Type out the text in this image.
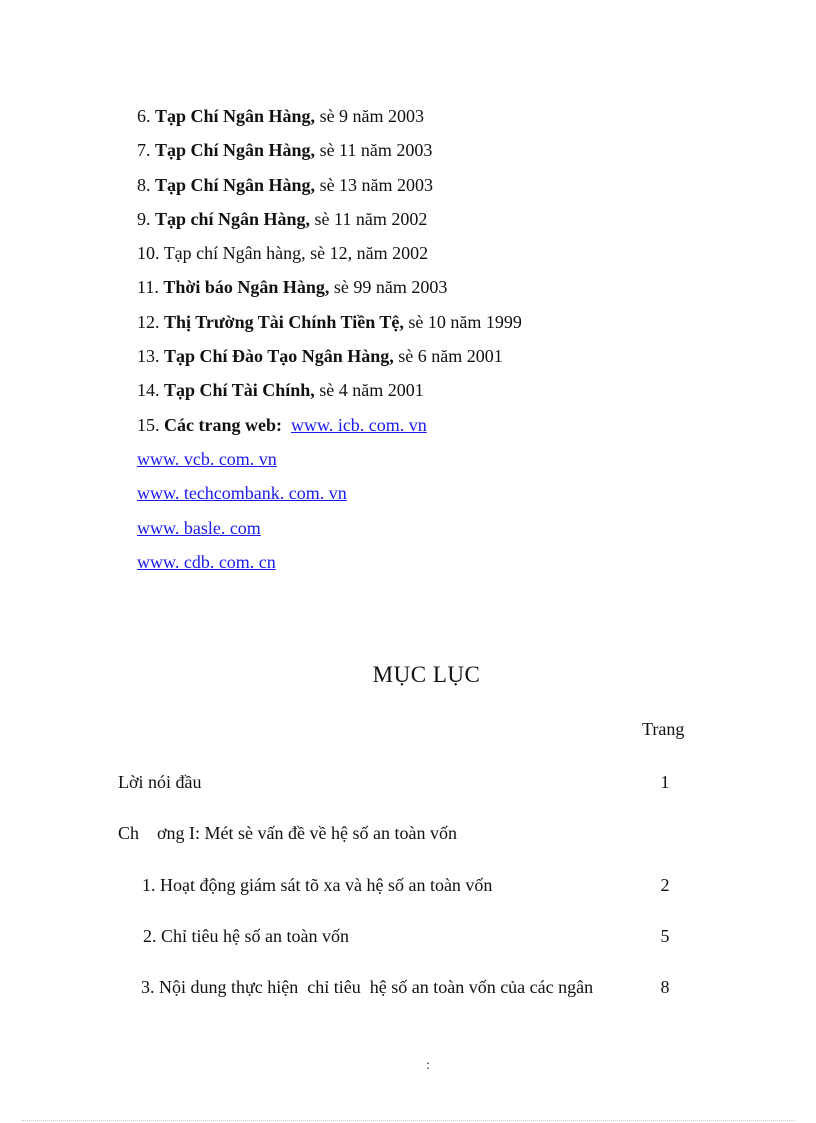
6. Tạp Chí Ngân Hàng, sè 9 năm 2003
7. Tạp Chí Ngân Hàng, sè 11 năm 2003
8. Tạp Chí Ngân Hàng, sè 13 năm 2003
9. Tạp chí Ngân Hàng, sè 11 năm 2002
10. Tạp chí Ngân hàng, sè 12, năm 2002
11. Thời báo Ngân Hàng, sè 99 năm 2003
12. Thị Trường Tài Chính Tiền Tệ, sè 10 năm 1999
13. Tạp Chí Đào Tạo Ngân Hàng, sè 6 năm 2001
14. Tạp Chí Tài Chính, sè 4 năm 2001
15. Các trang web: www. icb. com. vn
www. vcb. com. vn
www. techcombank. com. vn
www. basle. com
www. cdb. com. cn
MỤC LỤC
Trang
Lời nói đầu	1
Ch    ơng I: Mét sè vấn đề về hệ số an toàn vốn
1. Hoạt động giám sát tõ xa và hệ số an toàn vốn	2
2. Chỉ tiêu hệ số an toàn vốn	5
3. Nội dung thực hiện  chỉ tiêu  hệ số an toàn vốn của các ngân	8
:
